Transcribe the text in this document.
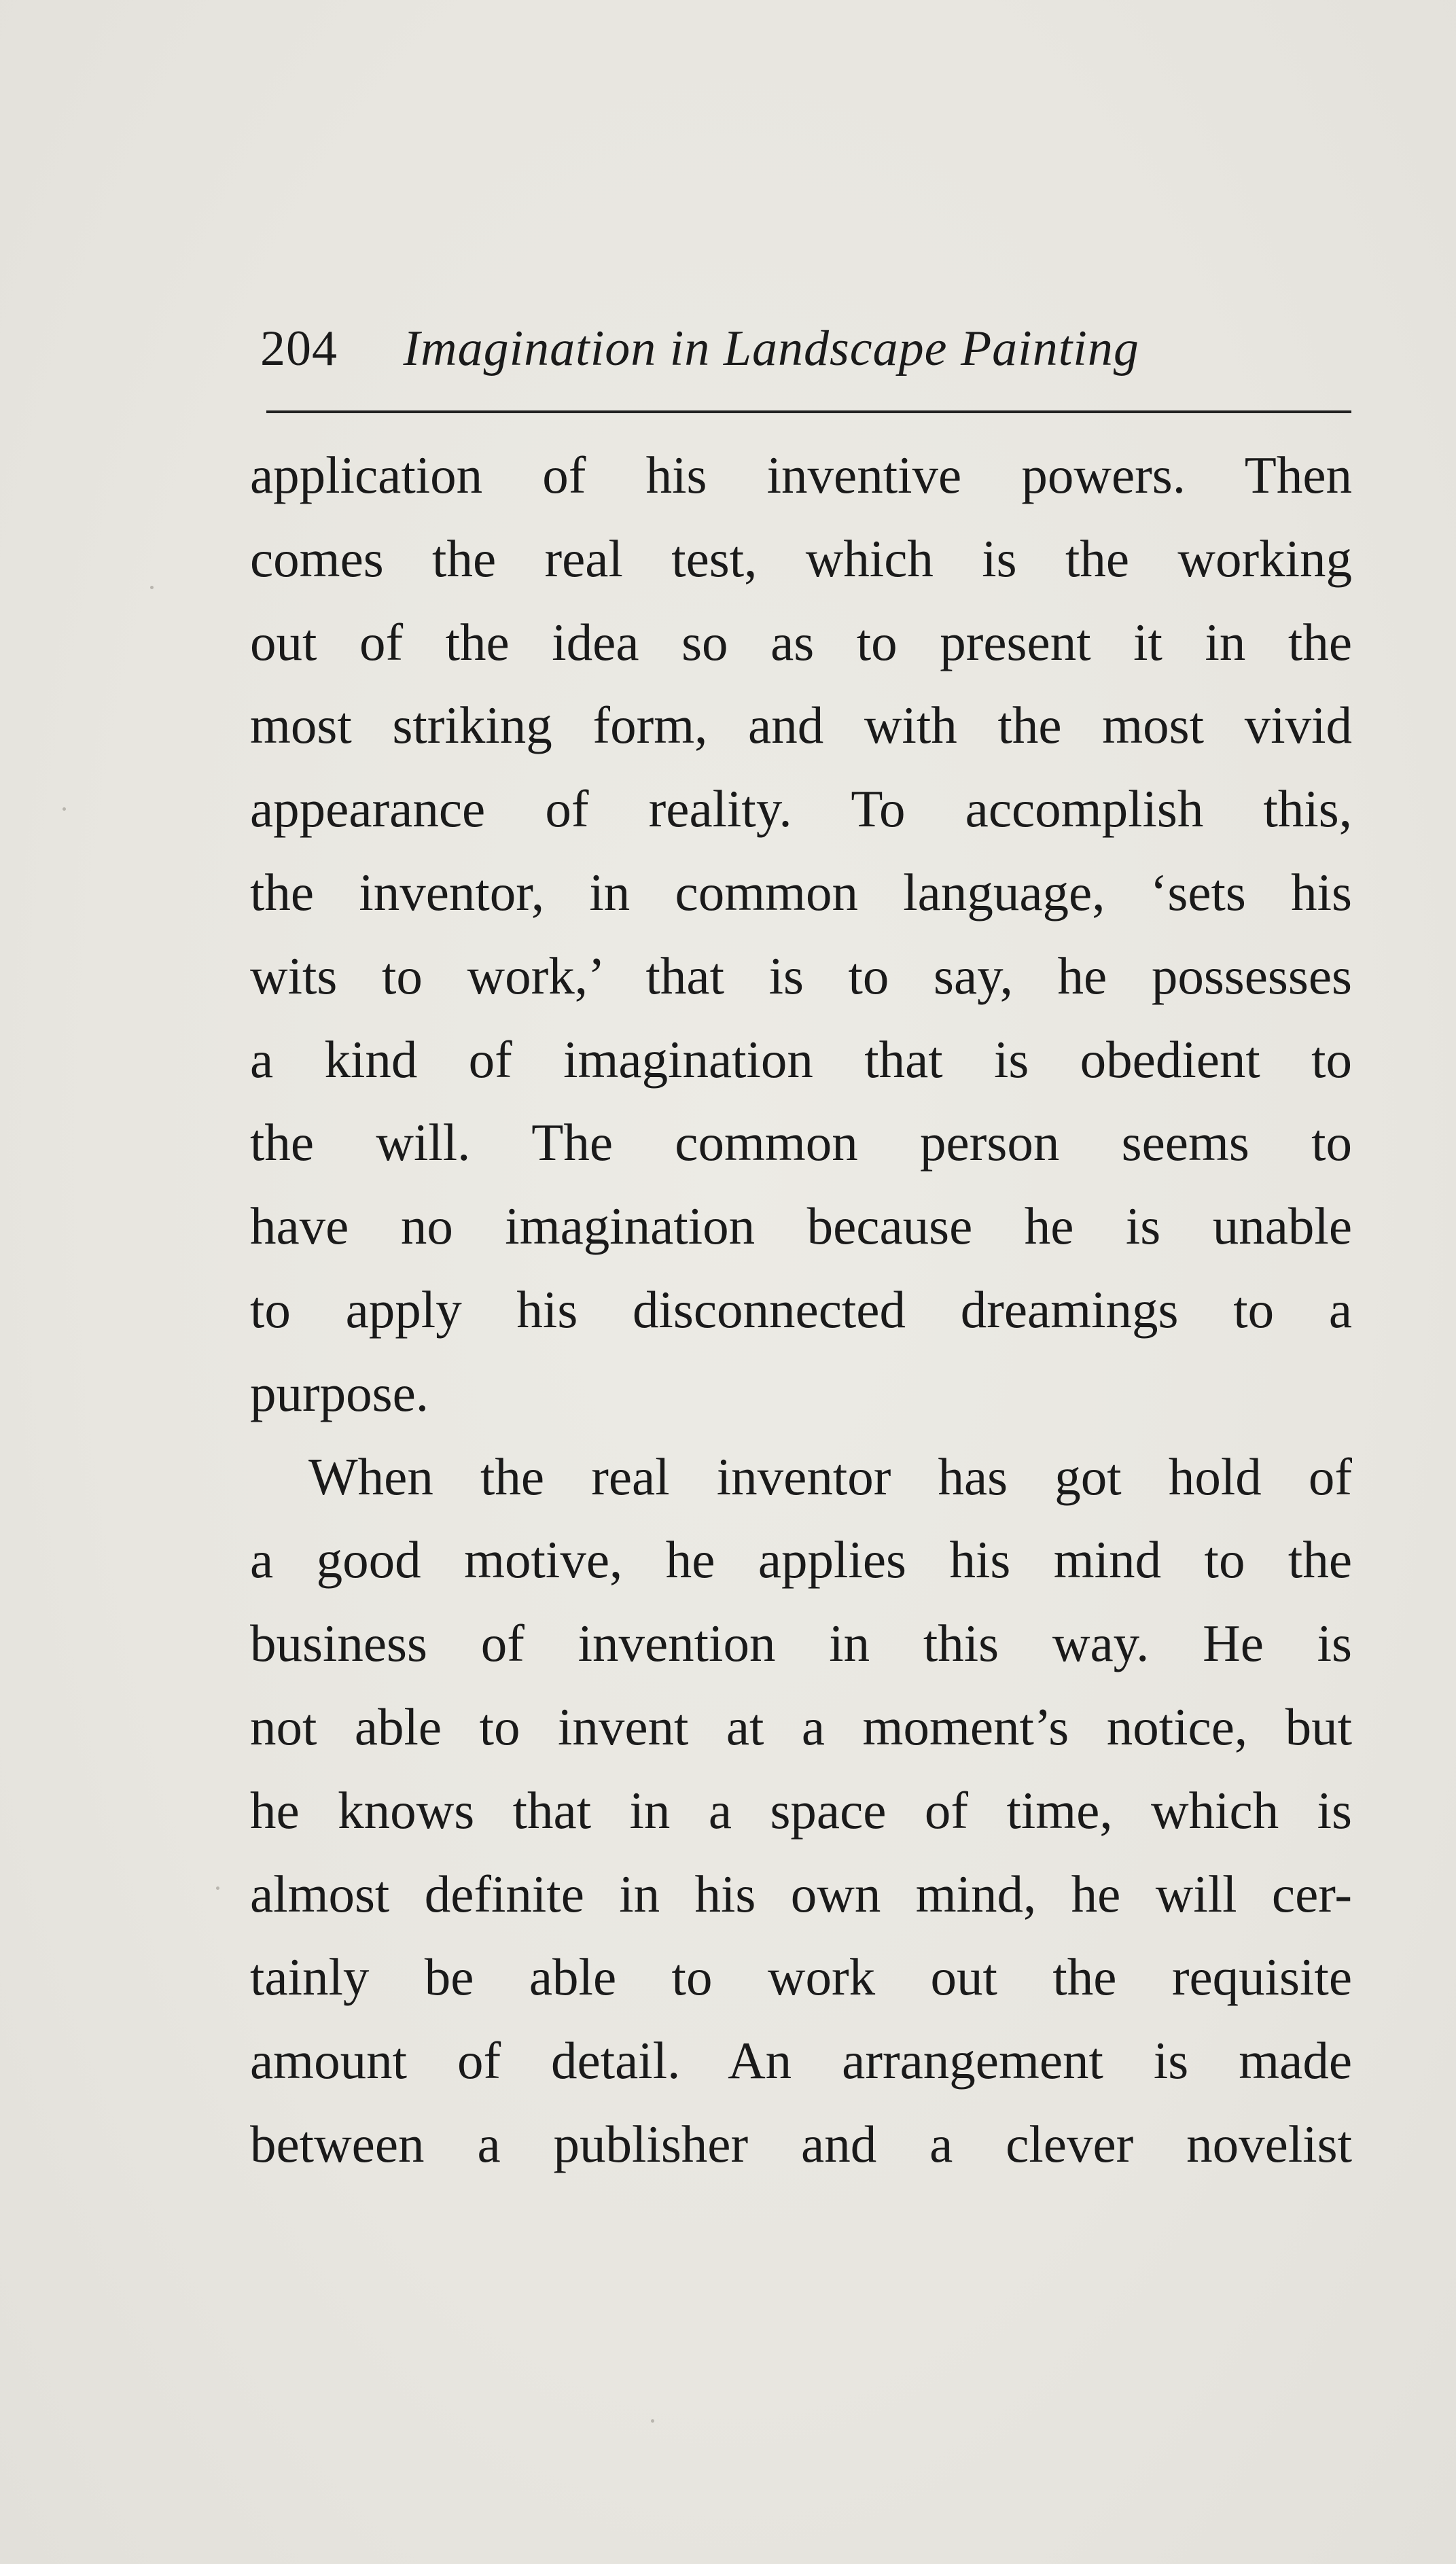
204 Imagination in Landscape Painting
application of his inventive powers. Then
comes the real test, which is the working
out of the idea so as to present it in the
most striking form, and with the most vivid
appearance of reality. To accomplish this,
the inventor, in common language, ‘sets his
wits to work,’ that is to say, he possesses
a kind of imagination that is obedient to
the will. The common person seems to
have no imagination because he is unable
to apply his disconnected dreamings to a
purpose.
When the real inventor has got hold of
a good motive, he applies his mind to the
business of invention in this way. He is
not able to invent at a moment’s notice, but
he knows that in a space of time, which is
almost definite in his own mind, he will cer-
tainly be able to work out the requisite
amount of detail. An arrangement is made
between a publisher and a clever novelist
